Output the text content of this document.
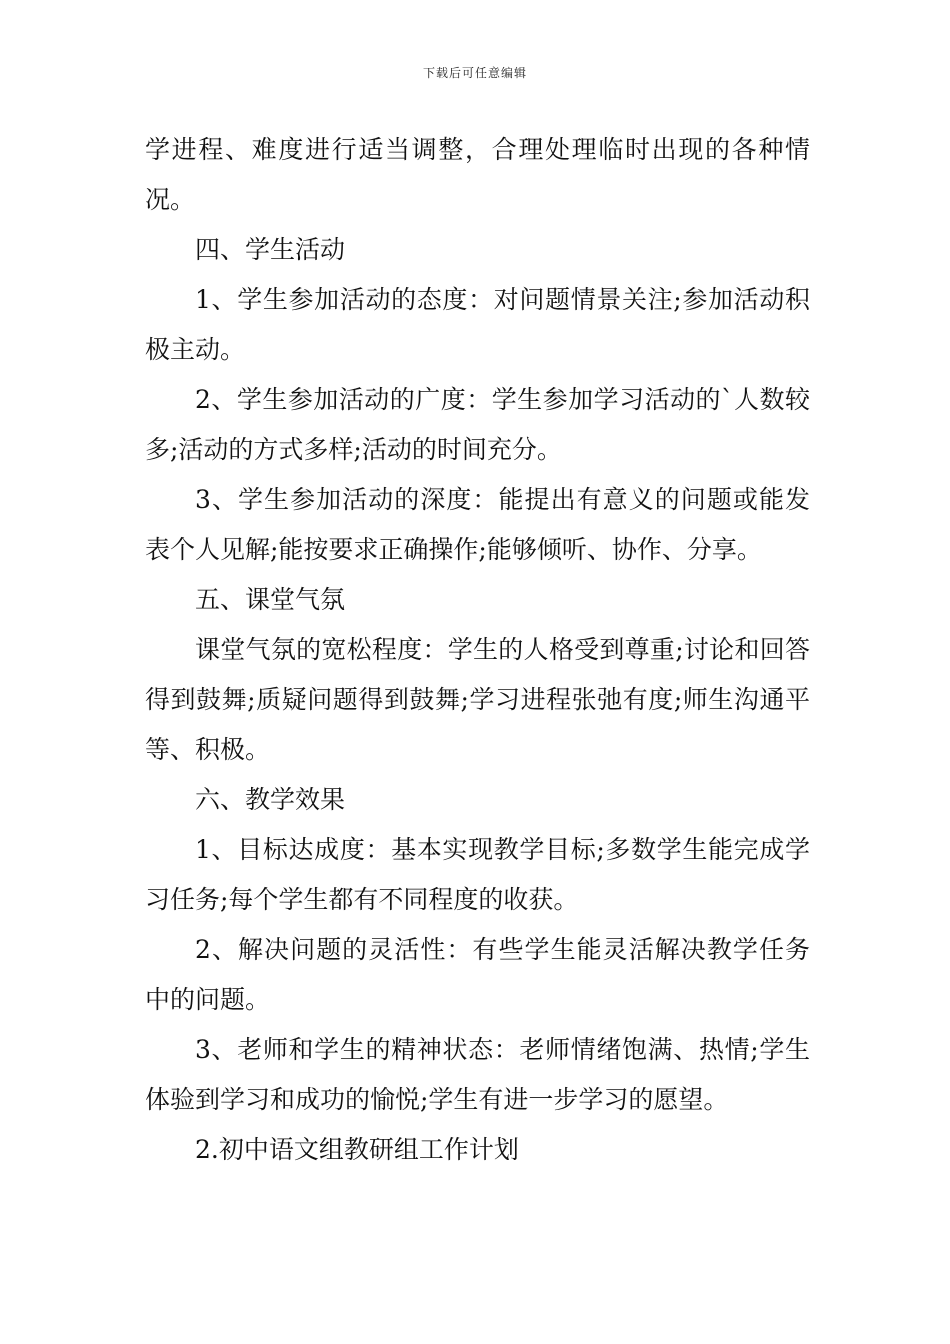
下载后可任意编辑

学进程、难度进行适当调整，合理处理临时出现的各种情况。

四、学生活动

1、学生参加活动的态度：对问题情景关注;参加活动积极主动。

2、学生参加活动的广度：学生参加学习活动的`人数较多;活动的方式多样;活动的时间充分。

3、学生参加活动的深度：能提出有意义的问题或能发表个人见解;能按要求正确操作;能够倾听、协作、分享。

五、课堂气氛

课堂气氛的宽松程度：学生的人格受到尊重;讨论和回答得到鼓舞;质疑问题得到鼓舞;学习进程张弛有度;师生沟通平等、积极。

六、教学效果

1、目标达成度：基本实现教学目标;多数学生能完成学习任务;每个学生都有不同程度的收获。

2、解决问题的灵活性：有些学生能灵活解决教学任务中的问题。

3、老师和学生的精神状态：老师情绪饱满、热情;学生体验到学习和成功的愉悦;学生有进一步学习的愿望。

2.初中语文组教研组工作计划
